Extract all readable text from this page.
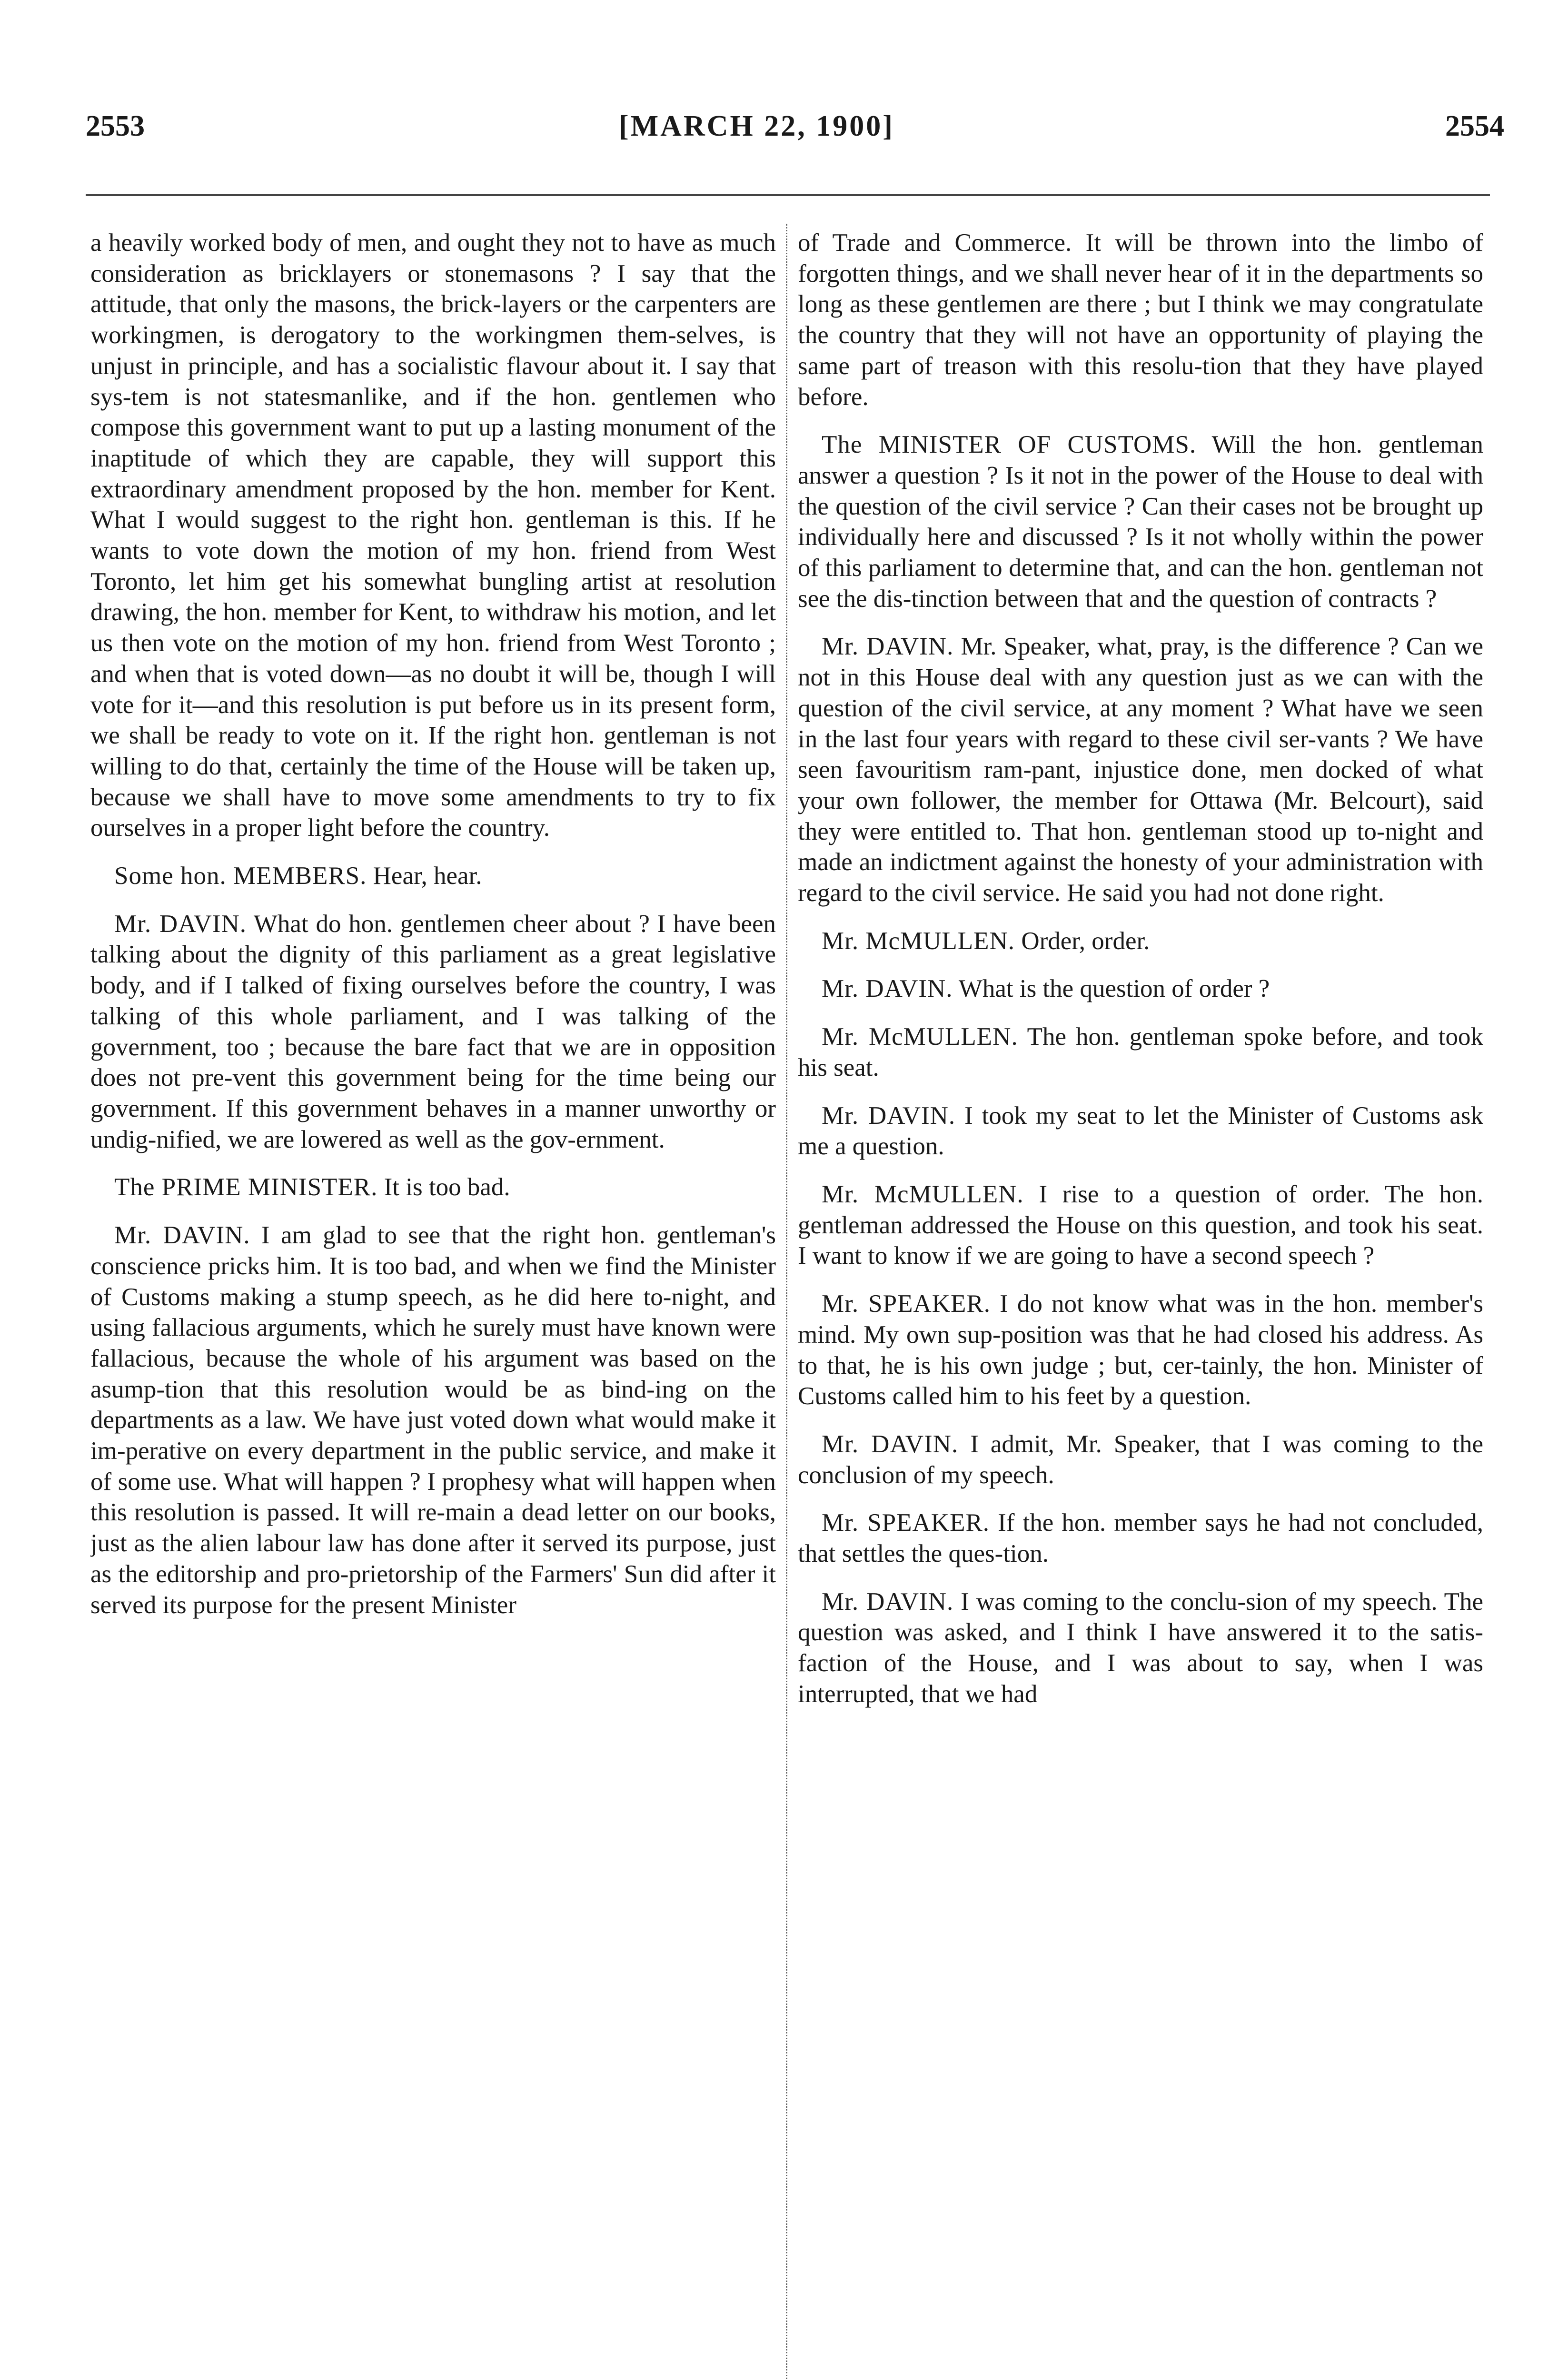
2553	[MARCH 22, 1900]	2554

a heavily worked body of men, and ought they not to have as much consideration as bricklayers or stonemasons ? I say that the attitude, that only the masons, the brick-layers or the carpenters are workingmen, is derogatory to the workingmen them-selves, is unjust in principle, and has a socialistic flavour about it. I say that sys-tem is not statesmanlike, and if the hon. gentlemen who compose this government want to put up a lasting monument of the inaptitude of which they are capable, they will support this extraordinary amendment proposed by the hon. member for Kent. What I would suggest to the right hon. gentleman is this. If he wants to vote down the motion of my hon. friend from West Toronto, let him get his somewhat bungling artist at resolution drawing, the hon. member for Kent, to withdraw his motion, and let us then vote on the motion of my hon. friend from West Toronto ; and when that is voted down—as no doubt it will be, though I will vote for it—and this resolution is put before us in its present form, we shall be ready to vote on it. If the right hon. gentleman is not willing to do that, certainly the time of the House will be taken up, because we shall have to move some amendments to try to fix ourselves in a proper light before the country.

Some hon. MEMBERS. Hear, hear.

Mr. DAVIN. What do hon. gentlemen cheer about ? I have been talking about the dignity of this parliament as a great legislative body, and if I talked of fixing ourselves before the country, I was talking of this whole parliament, and I was talking of the government, too ; because the bare fact that we are in opposition does not pre-vent this government being for the time being our government. If this government behaves in a manner unworthy or undig-nified, we are lowered as well as the gov-ernment.

The PRIME MINISTER. It is too bad.

Mr. DAVIN. I am glad to see that the right hon. gentleman's conscience pricks him. It is too bad, and when we find the Minister of Customs making a stump speech, as he did here to-night, and using fallacious arguments, which he surely must have known were fallacious, because the whole of his argument was based on the asump-tion that this resolution would be as bind-ing on the departments as a law. We have just voted down what would make it im-perative on every department in the public service, and make it of some use. What will happen ? I prophesy what will happen when this resolution is passed. It will re-main a dead letter on our books, just as the alien labour law has done after it served its purpose, just as the editorship and pro-prietorship of the Farmers' Sun did after it served its purpose for the present Minister

of Trade and Commerce. It will be thrown into the limbo of forgotten things, and we shall never hear of it in the departments so long as these gentlemen are there ; but I think we may congratulate the country that they will not have an opportunity of playing the same part of treason with this resolu-tion that they have played before.

The MINISTER OF CUSTOMS. Will the hon. gentleman answer a question ? Is it not in the power of the House to deal with the question of the civil service ? Can their cases not be brought up individually here and discussed ? Is it not wholly within the power of this parliament to determine that, and can the hon. gentleman not see the dis-tinction between that and the question of contracts ?

Mr. DAVIN. Mr. Speaker, what, pray, is the difference ? Can we not in this House deal with any question just as we can with the question of the civil service, at any moment ? What have we seen in the last four years with regard to these civil ser-vants ? We have seen favouritism ram-pant, injustice done, men docked of what your own follower, the member for Ottawa (Mr. Belcourt), said they were entitled to. That hon. gentleman stood up to-night and made an indictment against the honesty of your administration with regard to the civil service. He said you had not done right.

Mr. McMULLEN. Order, order.

Mr. DAVIN. What is the question of order ?

Mr. McMULLEN. The hon. gentleman spoke before, and took his seat.

Mr. DAVIN. I took my seat to let the Minister of Customs ask me a question.

Mr. McMULLEN. I rise to a question of order. The hon. gentleman addressed the House on this question, and took his seat. I want to know if we are going to have a second speech ?

Mr. SPEAKER. I do not know what was in the hon. member's mind. My own sup-position was that he had closed his address. As to that, he is his own judge ; but, cer-tainly, the hon. Minister of Customs called him to his feet by a question.

Mr. DAVIN. I admit, Mr. Speaker, that I was coming to the conclusion of my speech.

Mr. SPEAKER. If the hon. member says he had not concluded, that settles the ques-tion.

Mr. DAVIN. I was coming to the conclu-sion of my speech. The question was asked, and I think I have answered it to the satis-faction of the House, and I was about to say, when I was interrupted, that we had
